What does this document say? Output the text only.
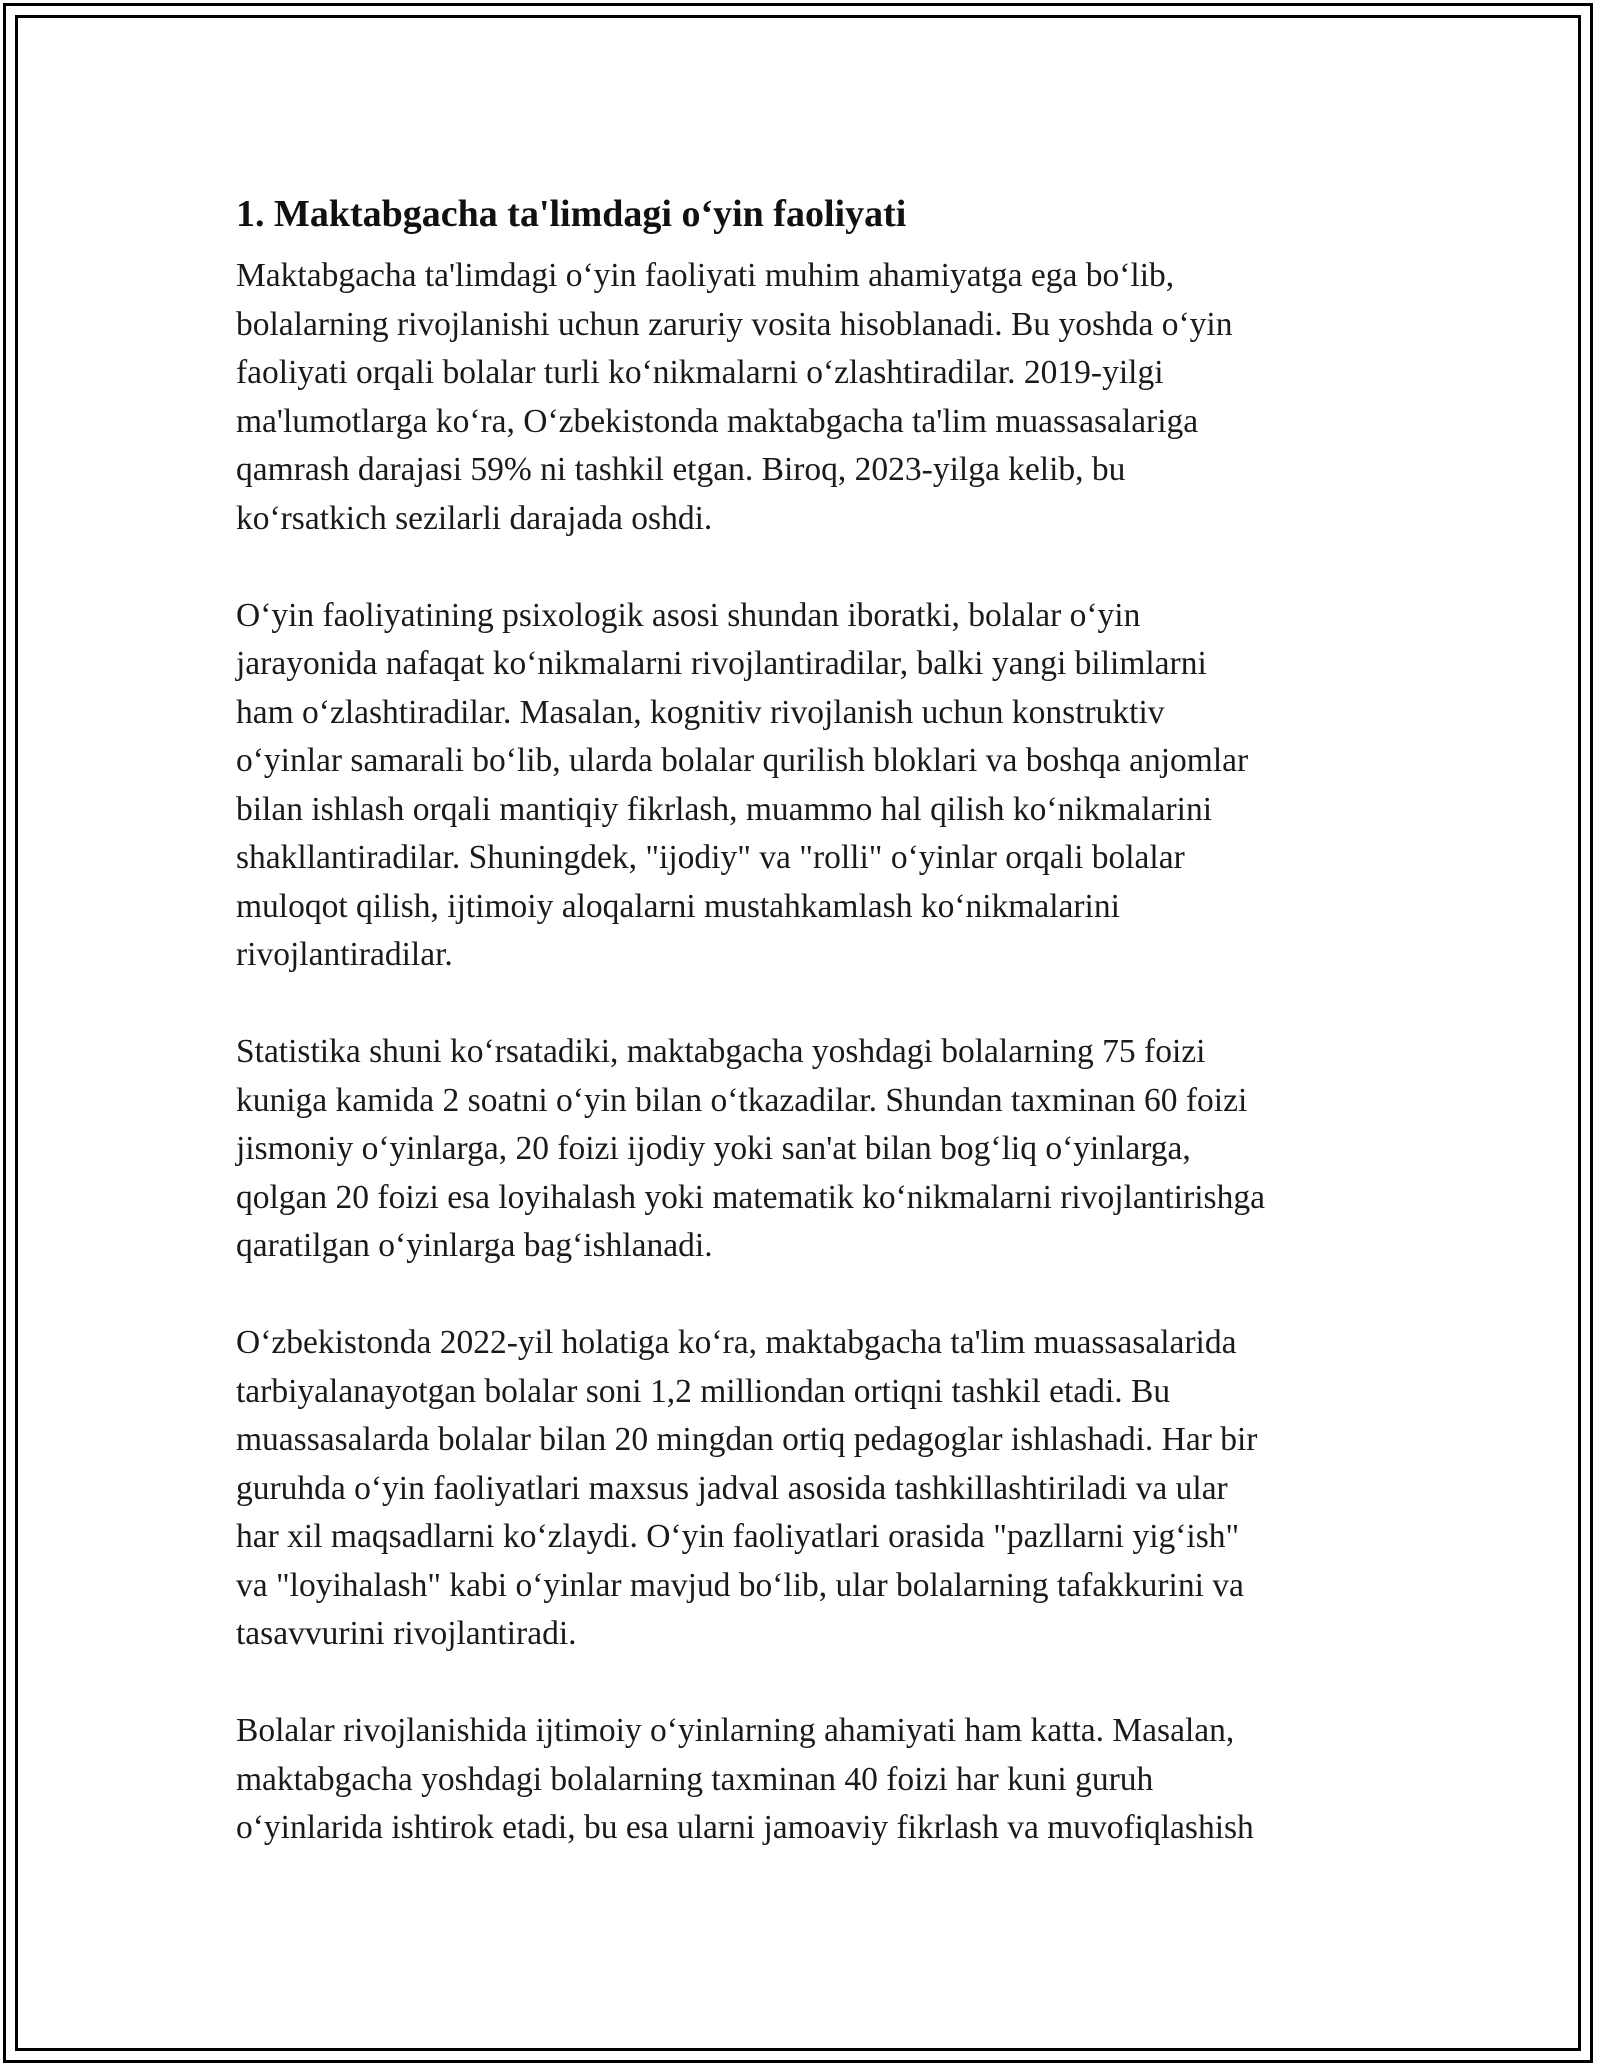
1. Maktabgacha ta'limdagi o‘yin faoliyati

Maktabgacha ta'limdagi o‘yin faoliyati muhim ahamiyatga ega bo‘lib,
bolalarning rivojlanishi uchun zaruriy vosita hisoblanadi. Bu yoshda o‘yin
faoliyati orqali bolalar turli ko‘nikmalarni o‘zlashtiradilar. 2019-yilgi
ma'lumotlarga ko‘ra, O‘zbekistonda maktabgacha ta'lim muassasalariga
qamrash darajasi 59% ni tashkil etgan. Biroq, 2023-yilga kelib, bu
ko‘rsatkich sezilarli darajada oshdi.

O‘yin faoliyatining psixologik asosi shundan iboratki, bolalar o‘yin
jarayonida nafaqat ko‘nikmalarni rivojlantiradilar, balki yangi bilimlarni
ham o‘zlashtiradilar. Masalan, kognitiv rivojlanish uchun konstruktiv
o‘yinlar samarali bo‘lib, ularda bolalar qurilish bloklari va boshqa anjomlar
bilan ishlash orqali mantiqiy fikrlash, muammo hal qilish ko‘nikmalarini
shakllantiradilar. Shuningdek, "ijodiy" va "rolli" o‘yinlar orqali bolalar
muloqot qilish, ijtimoiy aloqalarni mustahkamlash ko‘nikmalarini
rivojlantiradilar.

Statistika shuni ko‘rsatadiki, maktabgacha yoshdagi bolalarning 75 foizi
kuniga kamida 2 soatni o‘yin bilan o‘tkazadilar. Shundan taxminan 60 foizi
jismoniy o‘yinlarga, 20 foizi ijodiy yoki san'at bilan bog‘liq o‘yinlarga,
qolgan 20 foizi esa loyihalash yoki matematik ko‘nikmalarni rivojlantirishga
qaratilgan o‘yinlarga bag‘ishlanadi.

O‘zbekistonda 2022-yil holatiga ko‘ra, maktabgacha ta'lim muassasalarida
tarbiyalanayotgan bolalar soni 1,2 milliondan ortiqni tashkil etadi. Bu
muassasalarda bolalar bilan 20 mingdan ortiq pedagoglar ishlashadi. Har bir
guruhda o‘yin faoliyatlari maxsus jadval asosida tashkillashtiriladi va ular
har xil maqsadlarni ko‘zlaydi. O‘yin faoliyatlari orasida "pazllarni yig‘ish"
va "loyihalash" kabi o‘yinlar mavjud bo‘lib, ular bolalarning tafakkurini va
tasavvurini rivojlantiradi.

Bolalar rivojlanishida ijtimoiy o‘yinlarning ahamiyati ham katta. Masalan,
maktabgacha yoshdagi bolalarning taxminan 40 foizi har kuni guruh
o‘yinlarida ishtirok etadi, bu esa ularni jamoaviy fikrlash va muvofiqlashish
